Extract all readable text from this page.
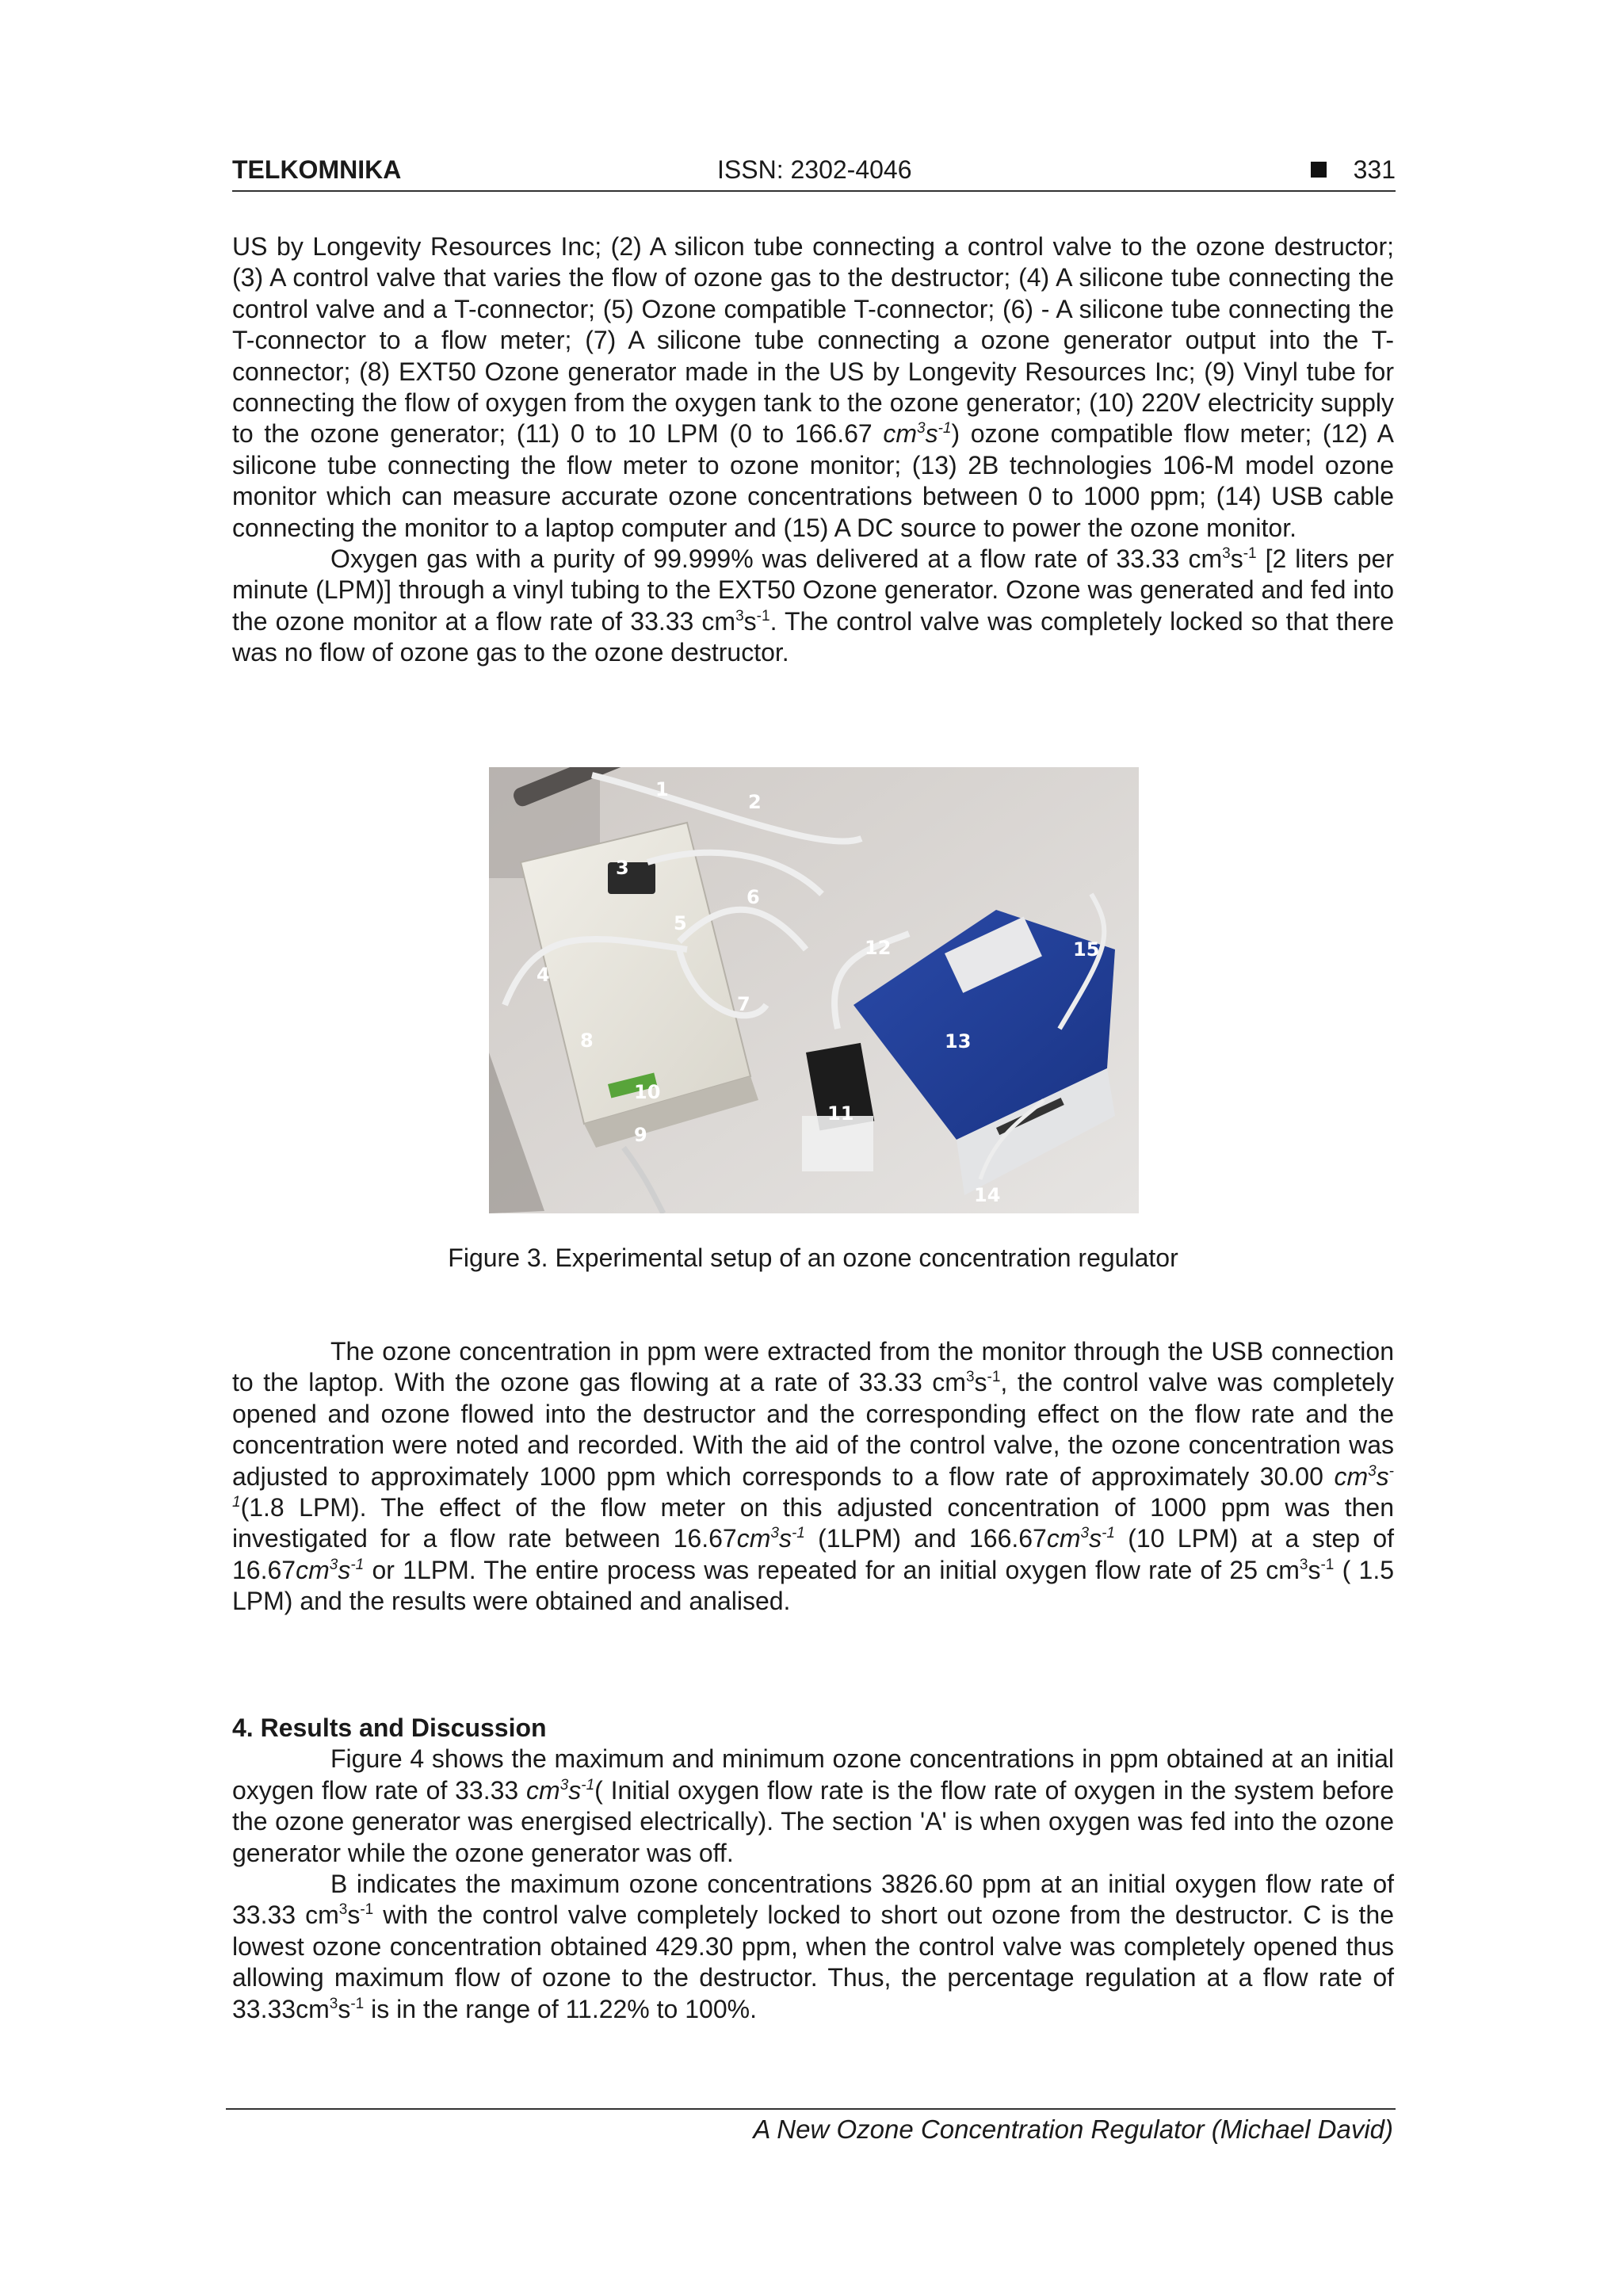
TELKOMNIKA	ISSN: 2302-4046	331

US by Longevity Resources Inc; (2) A silicon tube connecting a control valve to the ozone destructor; (3) A control valve that varies the flow of ozone gas to the destructor; (4) A silicone tube connecting the control valve and a T-connector; (5) Ozone compatible T-connector; (6) - A silicone tube connecting the T-connector to a flow meter; (7) A silicone tube connecting a ozone generator output into the T-connector; (8) EXT50 Ozone generator made in the US by Longevity Resources Inc; (9) Vinyl tube for connecting the flow of oxygen from the oxygen tank to the ozone generator; (10) 220V electricity supply to the ozone generator; (11) 0 to 10 LPM (0 to 166.67 $cm^3s^{-1}$) ozone compatible flow meter; (12) A silicone tube connecting the flow meter to ozone monitor; (13) 2B technologies 106-M model ozone monitor which can measure accurate ozone concentrations between 0 to 1000 ppm; (14) USB cable connecting the monitor to a laptop computer and (15) A DC source to power the ozone monitor.

Oxygen gas with a purity of 99.999% was delivered at a flow rate of 33.33 $cm^3s^{-1}$ [2 liters per minute (LPM)] through a vinyl tubing to the EXT50 Ozone generator. Ozone was generated and fed into the ozone monitor at a flow rate of 33.33 $cm^3s^{-1}$. The control valve was completely locked so that there was no flow of ozone gas to the ozone destructor.

1
2
3
4
5
6
7
8
9
10
11
12
13
14
15
Figure 3. Experimental setup of an ozone concentration regulator

The ozone concentration in ppm were extracted from the monitor through the USB connection to the laptop. With the ozone gas flowing at a rate of 33.33 $cm^3s^{-1}$, the control valve was completely opened and ozone flowed into the destructor and the corresponding effect on the flow rate and the concentration were noted and recorded. With the aid of the control valve, the ozone concentration was adjusted to approximately 1000 ppm which corresponds to a flow rate of approximately 30.00 $cm^3s^{-1}(1.8$ LPM). The effect of the flow meter on this adjusted concentration of 1000 ppm was then investigated for a flow rate between $16.67cm^3s^{-1}$ (1LPM) and $166.67cm^3s^{-1}$ (10 LPM) at a step of $16.67cm^3s^{-1}$ or 1LPM. The entire process was repeated for an initial oxygen flow rate of 25 $cm^3s^{-1}$ ( 1.5 LPM) and the results were obtained and analised.

4. Results and Discussion

Figure 4 shows the maximum and minimum ozone concentrations in ppm obtained at an initial oxygen flow rate of 33.33 $cm^3s^{-1}$( Initial oxygen flow rate is the flow rate of oxygen in the system before the ozone generator was energised electrically). The section 'A' is when oxygen was fed into the ozone generator while the ozone generator was off.

B indicates the maximum ozone concentrations 3826.60 ppm at an initial oxygen flow rate of 33.33 $cm^3s^{-1}$ with the control valve completely locked to short out ozone from the destructor. C is the lowest ozone concentration obtained 429.30 ppm, when the control valve was completely opened thus allowing maximum flow of ozone to the destructor. Thus, the percentage regulation at a flow rate of $33.33cm^3s^{-1}$ is in the range of 11.22% to 100%.

A New Ozone Concentration Regulator (Michael David)
